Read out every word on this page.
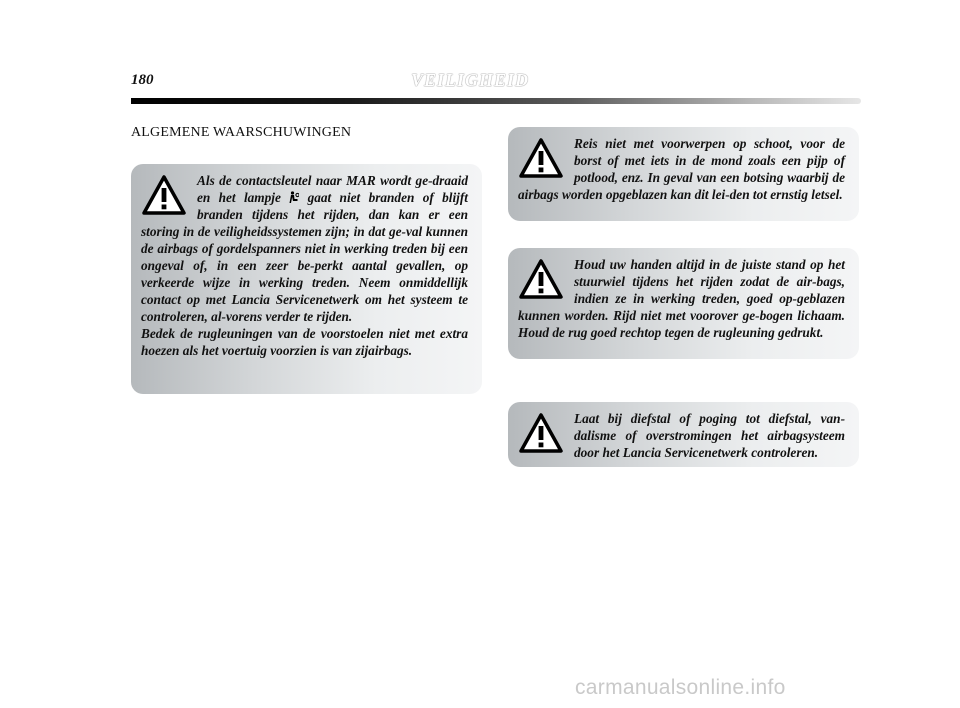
180	VEILIGHEID
ALGEMENE WAARSCHUWINGEN

Als de contactsleutel naar MAR wordt ge-draaid en het lampje  gaat niet branden of blijft branden tijdens het rijden, dan kan er een storing in de veiligheidssystemen zijn; in dat ge-val kunnen de airbags of gordelspanners niet in werking treden bij een ongeval of, in een zeer be-perkt aantal gevallen, op verkeerde wijze in werking treden. Neem onmiddellijk contact op met Lancia Servicenetwerk om het systeem te controleren, al-vorens verder te rijden.

Bedek de rugleuningen van de voorstoelen niet met extra hoezen als het voertuig voorzien is van zijairbags.

Reis niet met voorwerpen op schoot, voor de borst of met iets in de mond zoals een pijp of potlood, enz. In geval van een botsing waarbij de airbags worden opgeblazen kan dit lei-den tot ernstig letsel.

Houd uw handen altijd in de juiste stand op het stuurwiel tijdens het rijden zodat de air-bags, indien ze in werking treden, goed op-geblazen kunnen worden. Rijd niet met voorover ge-bogen lichaam. Houd de rug goed rechtop tegen de rugleuning gedrukt.

Laat bij diefstal of poging tot diefstal, van-dalisme of overstromingen het airbagsysteem door het Lancia Servicenetwerk controleren.

carmanualsonline.info
